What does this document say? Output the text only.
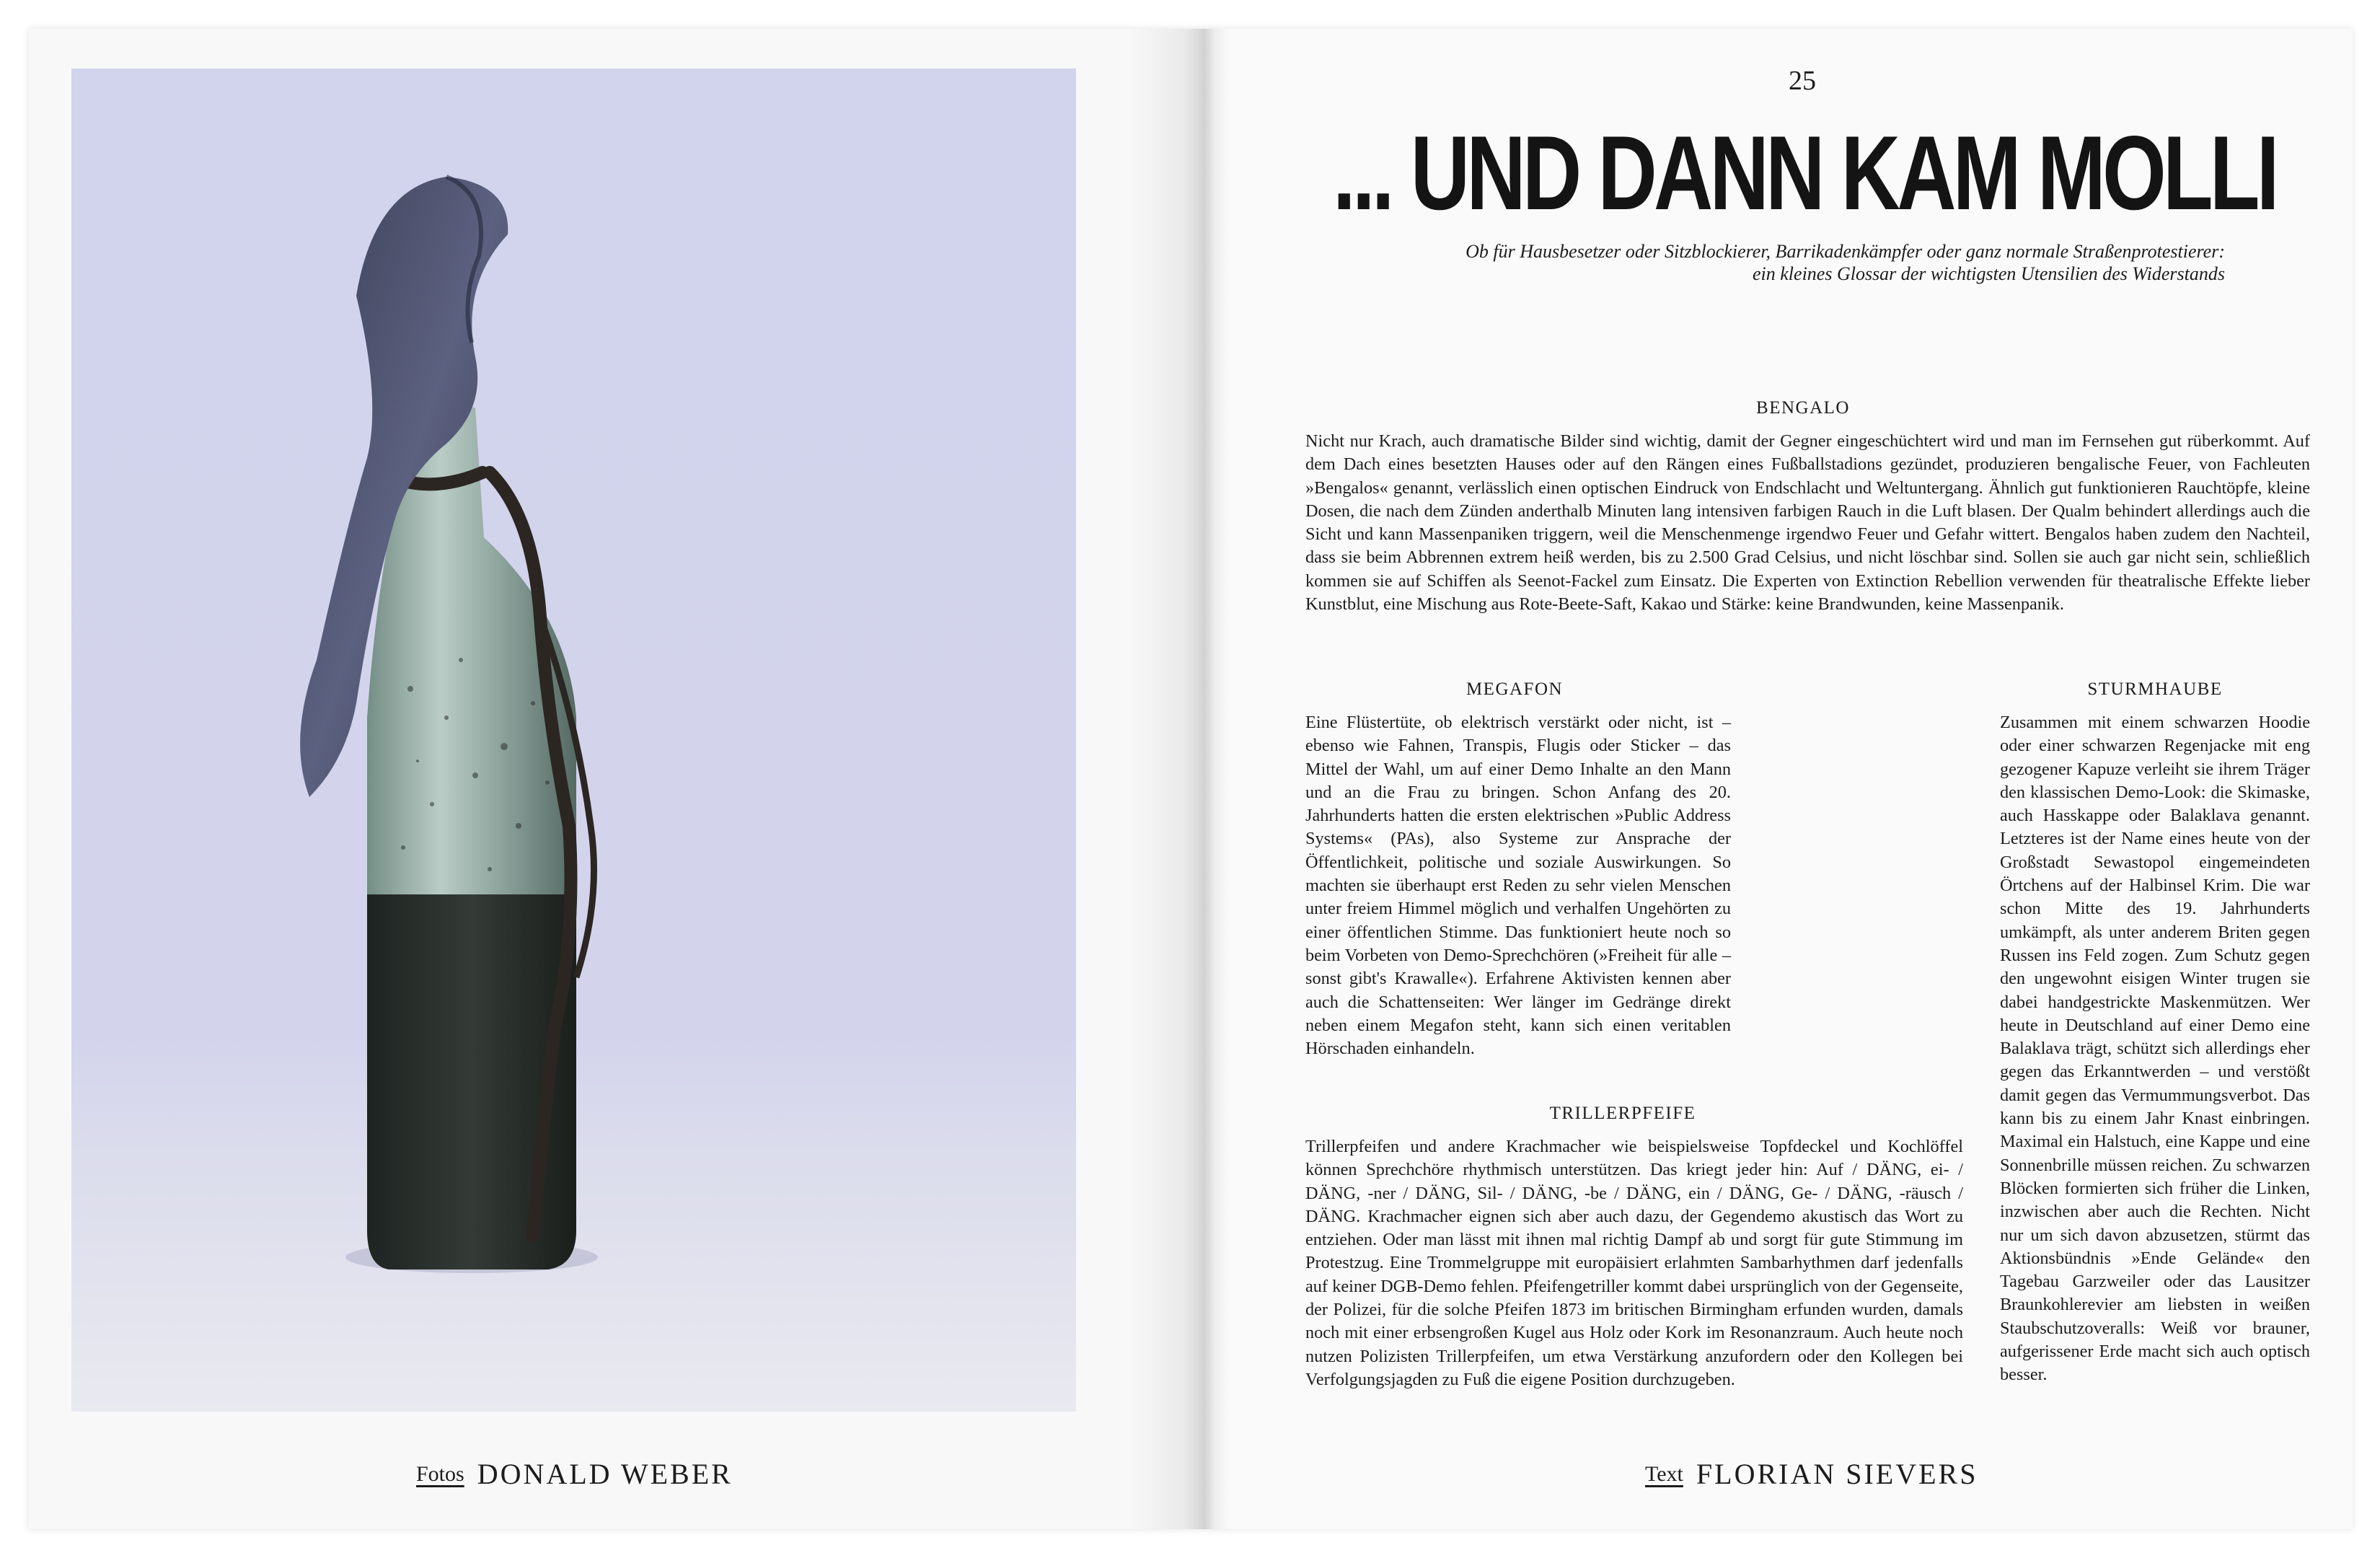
Fotos DONALD WEBER
25
... UND DANN KAM MOLLI
Ob für Hausbesetzer oder Sitzblockierer, Barrikadenkämpfer oder ganz normale Straßenprotestierer:
ein kleines Glossar der wichtigsten Utensilien des Widerstands
BENGALO
Nicht nur Krach, auch dramatische Bilder sind wichtig, damit der Gegner eingeschüchtert wird und man im Fernsehen gut rüberkommt. Auf dem Dach eines besetzten Hauses oder auf den Rängen eines Fußballstadions gezündet, produzieren bengalische Feuer, von Fachleuten »Bengalos« genannt, verlässlich einen optischen Eindruck von Endschlacht und Weltuntergang. Ähnlich gut funktionieren Rauchtöpfe, kleine Dosen, die nach dem Zünden anderthalb Minuten lang intensiven farbigen Rauch in die Luft blasen. Der Qualm behindert allerdings auch die Sicht und kann Massenpaniken triggern, weil die Menschenmenge irgendwo Feuer und Gefahr wittert. Bengalos haben zudem den Nachteil, dass sie beim Abbrennen extrem heiß werden, bis zu 2.500 Grad Celsius, und nicht löschbar sind. Sollen sie auch gar nicht sein, schließlich kommen sie auf Schiffen als Seenot-Fackel zum Einsatz. Die Experten von Extinction Rebellion verwenden für theatralische Effekte lieber Kunstblut, eine Mischung aus Rote-Beete-Saft, Kakao und Stärke: keine Brandwunden, keine Massenpanik.
MEGAFON
Eine Flüstertüte, ob elektrisch verstärkt oder nicht, ist – ebenso wie Fahnen, Transpis, Flugis oder Sticker – das Mittel der Wahl, um auf einer Demo Inhalte an den Mann und an die Frau zu bringen. Schon Anfang des 20. Jahrhunderts hatten die ersten elektrischen »Public Address Systems« (PAs), also Systeme zur Ansprache der Öffentlichkeit, politische und soziale Auswirkungen. So machten sie überhaupt erst Reden zu sehr vielen Menschen unter freiem Himmel möglich und verhalfen Ungehörten zu einer öffentlichen Stimme. Das funktioniert heute noch so beim Vorbeten von Demo-Sprechchören (»Freiheit für alle – sonst gibt's Krawalle«). Erfahrene Aktivisten kennen aber auch die Schattenseiten: Wer länger im Gedränge direkt neben einem Megafon steht, kann sich einen veritablen Hörschaden einhandeln.
TRILLERPFEIFE
Trillerpfeifen und andere Krachmacher wie beispielsweise Topfdeckel und Kochlöffel können Sprechchöre rhythmisch unterstützen. Das kriegt jeder hin: Auf / DÄNG, ei- / DÄNG, -ner / DÄNG, Sil- / DÄNG, -be / DÄNG, ein / DÄNG, Ge- / DÄNG, -räusch / DÄNG. Krachmacher eignen sich aber auch dazu, der Gegendemo akustisch das Wort zu entziehen. Oder man lässt mit ihnen mal richtig Dampf ab und sorgt für gute Stimmung im Protestzug. Eine Trommelgruppe mit europäisiert erlahmten Sambarhythmen darf jedenfalls auf keiner DGB-Demo fehlen. Pfeifengetriller kommt dabei ursprünglich von der Gegenseite, der Polizei, für die solche Pfeifen 1873 im britischen Birmingham erfunden wurden, damals noch mit einer erbsengroßen Kugel aus Holz oder Kork im Resonanzraum. Auch heute noch nutzen Polizisten Trillerpfeifen, um etwa Verstärkung anzufordern oder den Kollegen bei Verfolgungsjagden zu Fuß die eigene Position durchzugeben.
STURMHAUBE
Zusammen mit einem schwarzen Hoodie oder einer schwarzen Regenjacke mit eng gezogener Kapuze verleiht sie ihrem Träger den klassischen Demo-Look: die Skimaske, auch Hasskappe oder Balaklava genannt. Letzteres ist der Name eines heute von der Großstadt Sewastopol eingemeindeten Örtchens auf der Halbinsel Krim. Die war schon Mitte des 19. Jahrhunderts umkämpft, als unter anderem Briten gegen Russen ins Feld zogen. Zum Schutz gegen den ungewohnt eisigen Winter trugen sie dabei handgestrickte Maskenmützen. Wer heute in Deutschland auf einer Demo eine Balaklava trägt, schützt sich allerdings eher gegen das Erkanntwerden – und verstößt damit gegen das Vermummungsverbot. Das kann bis zu einem Jahr Knast einbringen. Maximal ein Halstuch, eine Kappe und eine Sonnenbrille müssen reichen. Zu schwarzen Blöcken formierten sich früher die Linken, inzwischen aber auch die Rechten. Nicht nur um sich davon abzusetzen, stürmt das Aktionsbündnis »Ende Gelände« den Tagebau Garzweiler oder das Lausitzer Braunkohlerevier am liebsten in weißen Staubschutzoveralls: Weiß vor brauner, aufgerissener Erde macht sich auch optisch besser.
Text FLORIAN SIEVERS
